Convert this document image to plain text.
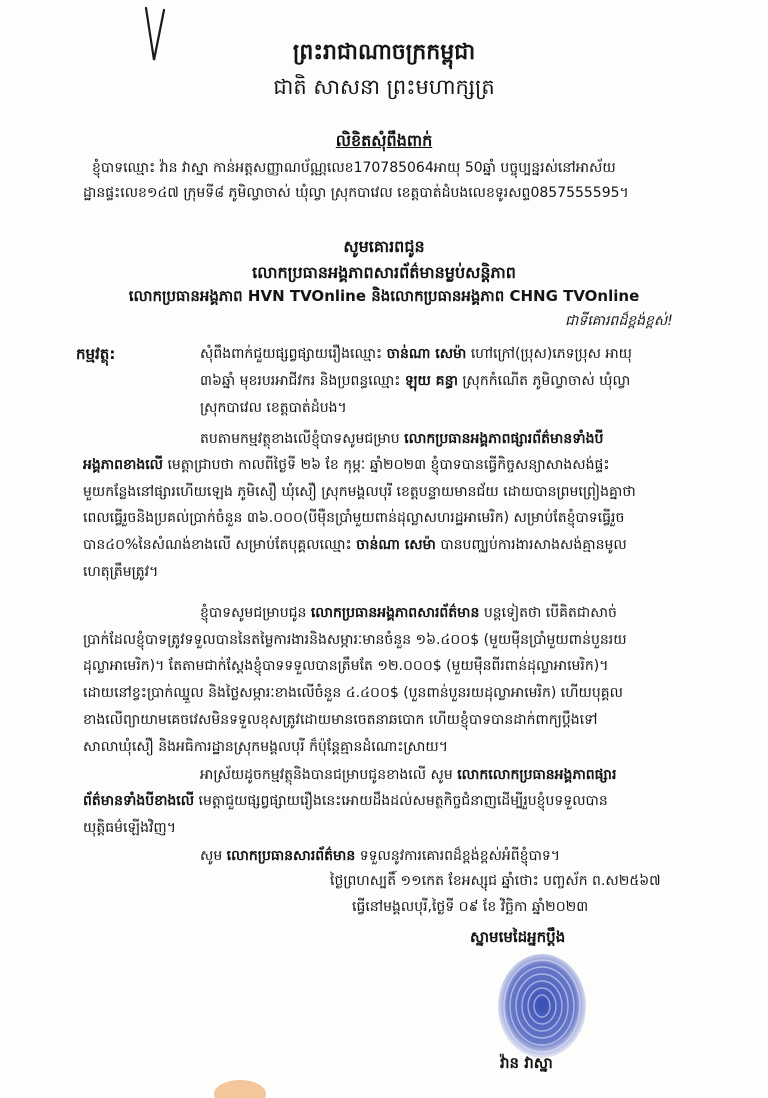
ព្រះរាជាណាចក្រកម្ពុជា
ជាតិ សាសនា ព្រះមហាក្សត្រ
លិខិតសុំពឹងពាក់
ខ្ញុំបាទឈ្មោះ វ៉ាន វាស្នា កាន់អត្តសញ្ញាណប័ណ្ណលេខ170785064អាយុ 50ឆ្នាំ បច្ចុប្បន្នរស់នៅអាស័យ
ដ្ឋានផ្ទះលេខ១៤៧ ក្រុមទី៨ ភូមិល្វាចាស់ ឃុំល្វា ស្រុកបាវេល ខេត្តបាត់ដំបងលេខទូរសព្ទ0857555595។
សូមគោរពជូន
លោកប្រធានអង្គភាពសារព័ត៌មានម្លប់សន្តិភាព
លោកប្រធានអង្គភាព HVN TVOnline និងលោកប្រធានអង្គភាព CHNG TVOnline
ជាទីគោរពដ៏ខ្ពង់ខ្ពស់!
កម្មវត្ថុ:	សុំពឹងពាក់ជួយផ្សព្វផ្សាយរឿងឈ្មោះ ចាន់ណា សេម៉ា ហៅក្រៅ(ប្រុស)ភេទប្រុស អាយុ
៣៦ឆ្នាំ មុខរបរអាជីវករ និងប្រពន្ធឈ្មោះ ឡុយ គន្ធា ស្រុកកំណើត ភូមិល្វាចាស់ ឃុំល្វា
ស្រុកបាវេល ខេត្តបាត់ដំបង។
តបតាមកម្មវត្ថុខាងលើខ្ញុំបាទសូមជម្រាប លោកប្រធានអង្គភាពផ្សារព័ត៌មានទាំងបី
អង្គភាពខាងលើ មេត្តាជ្រាបថា កាលពីថ្ងៃទី ២៦ ខែ កុម្ភៈ ឆ្នាំ២០២៣ ខ្ញុំបាទបានធ្វើកិច្ចសន្យាសាងសង់ផ្ទះ
មួយកន្លែងនៅផ្សារហើយឡេង ភូមិសឿ ឃុំសឿ ស្រុកមង្គលបុរី ខេត្តបន្ទាយមានជ័យ ដោយបានព្រមព្រៀងគ្នាថា
ពេលធ្វើរួចនិងប្រគល់ប្រាក់ចំនួន ៣៦.០០០(បីម៉ឺនប្រាំមួយពាន់ដុល្លាសហរដ្ឋអាមេរិក) សម្រាប់តែខ្ញុំបាទធ្វើរួច
បាន៤០%នៃសំណង់ខាងលើ សម្រាប់តែបុគ្គលឈ្មោះ ចាន់ណា សេម៉ា បានបញ្ឈប់ការងារសាងសង់គ្មានមូល
ហេតុត្រឹមត្រូវ។
ខ្ញុំបាទសូមជម្រាបជូន លោកប្រធានអង្គភាពសារព័ត៌មាន បន្តទៀតថា បើគិតជាសាច់
ប្រាក់ដែលខ្ញុំបាទត្រូវទទួលបាននៃតម្លៃការងារនិងសម្ភារៈមានចំនួន ១៦.៤០០$ (មួយម៉ឺនប្រាំមួយពាន់បួនរយ
ដុល្លាអាមេរិក)។ តែតាមជាក់ស្តែងខ្ញុំបាទទទួលបានត្រឹមតែ ១២.០០០$ (មួយម៉ឺនពីរពាន់ដុល្លាអាមេរិក)។
ដោយនៅខ្វះប្រាក់ឈ្នួល និងថ្លៃសម្ភារៈខាងលើចំនួន ៤.៤០០$ (បួនពាន់បួនរយដុល្លាអាមេរិក) ហើយបុគ្គល
ខាងលើព្យាយាមគេចវេសមិនទទួលខុសត្រូវដោយមានចេតនាឆបោក ហើយខ្ញុំបាទបានដាក់ពាក្យប្តឹងទៅ
សាលាឃុំសឿ និងអធិការដ្ឋានស្រុកមង្គលបុរី ក៏ប៉ុន្តែគ្មានដំណោះស្រាយ។
អាស្រ័យដូចកម្មវត្ថុនិងបានជម្រាបជូនខាងលើ សូម លោកលោកប្រធានអង្គភាពផ្សារ
ព័ត៌មានទាំងបីខាងលើ មេត្តាជួយផ្សព្វផ្សាយរឿងនេះអោយដឹងដល់សមត្ថកិច្ចជំនាញដើម្បីរួបខ្ញុំបទទួលបាន
យុត្តិធម៌ឡើងវិញ។
សូម លោកប្រធានសារព័ត៌មាន ទទួលនូវការគោរពដ៏ខ្ពង់ខ្ពស់អំពីខ្ញុំបាទ។
ថ្ងៃព្រហស្បតិ៍ ១១កេត ខែអស្សុជ ឆ្នាំថោះ បញ្ចស័ក ព.ស២៥៦៧
ធ្វើនៅមង្គលបុរី,ថ្ងៃទី ០៩ ខែ វិច្ឆិកា ឆ្នាំ២០២៣
ស្នាមមេដៃអ្នកប្តឹង
វ៉ាន វាស្នា
